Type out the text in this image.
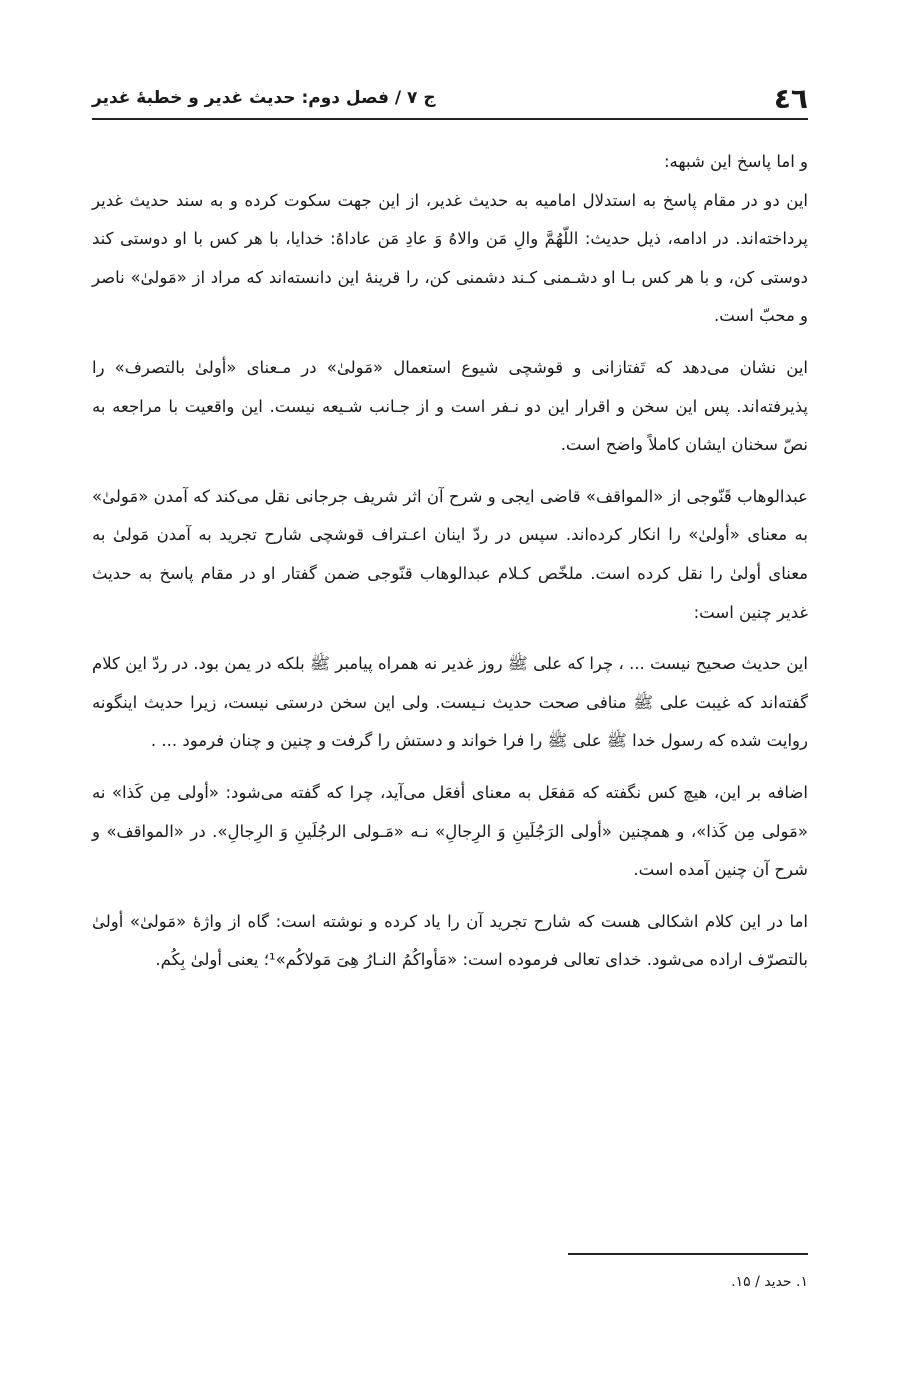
٤٦
ج ۷ / فصل دوم: حدیث غدیر و خطبهٔ غدیر

و اما پاسخ این شبهه:

این دو در مقام پاسخ به استدلال امامیه به حدیث غدیر، از این جهت سکوت کرده و به سند حدیث غدیر پرداخته‌اند. در ادامه، ذیل حدیث: اللّهُمَّ والِ مَن والاهُ وَ عادِ مَن عاداهُ: خدایا، با هر کس با او دوستی کند دوستی کن، و با هر کس بـا او دشـمنی کـند دشمنی کن، را قرینهٔ این دانسته‌اند که مراد از «مَولیٰ» ناصر و محبّ است.

این نشان می‌دهد که تَفتازانی و قوشچی شیوع استعمال «مَولیٰ» در مـعنای «أولیٰ بالتصرف» را پذیرفته‌اند. پس این سخن و اقرار این دو نـفر است و از جـانب شـیعه نیست. این واقعیت با مراجعه به نصّ سخنان ایشان کاملاً واضح است.

عبدالوهاب قَنّوجی از «المواقف» قاضی ایجی و شرح آن اثر شریف جرجانی نقل می‌کند که آمدن «مَولیٰ» به معنای «أولیٰ» را انکار کرده‌اند. سپس در ردّ اینان اعـتراف قوشچی شارح تجرید به آمدن مَولیٰ به معنای أولیٰ را نقل کرده است. ملخّص کـلام عبدالوهاب قنّوجی ضمن گفتار او در مقام پاسخ به حدیث غدیر چنین است:

این حدیث صحیح نیست ... ، چرا که علی ﷺ روز غدیر نه همراه پیامبر ﷺ بلکه در یمن بود. در ردّ این کلام گفته‌اند که غیبت علی ﷺ منافی صحت حدیث نـیست. ولی این سخن درستی نیست، زیرا حدیث اینگونه روایت شده که رسول خدا ﷺ علی ﷺ را فرا خواند و دستش را گرفت و چنین و چنان فرمود ... .

اضافه بر این، هیچ کس نگفته که مَفعَل به معنای أفعَل می‌آید، چرا که گفته می‌شود: «أولی مِن کَذا» نه «مَولی مِن کَذا»، و همچنین «أولی الرَجُلَینِ وَ الرِجالِ» نـه «مَـولی الرجُلَینِ وَ الرِجالِ». در «المواقف» و شرح آن چنین آمده است.

اما در این کلام اشکالی هست که شارح تجرید آن را یاد کرده و نوشته است: گاه از واژهٔ «مَولیٰ» أولیٰ بالتصرّف اراده می‌شود. خدای تعالی فرموده است: «مَأواکُمُ النـارُ هِیَ مَولاکُم»¹؛ یعنی أولیٰ بِکُم.

۱. حدید / ۱۵.
